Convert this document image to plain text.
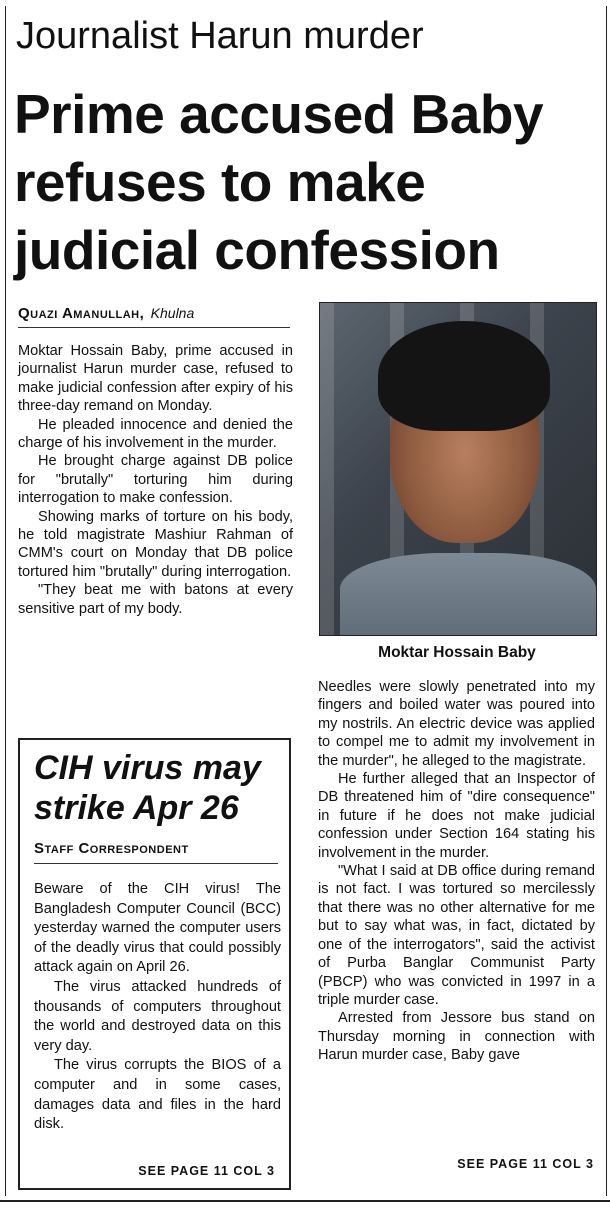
Journalist Harun murder
Prime accused Baby
refuses to make
judicial confession
Quazi Amanullah, Khulna

Moktar Hossain Baby, prime accused in journalist Harun murder case, refused to make judicial confession after expiry of his three-day remand on Monday.

He pleaded innocence and denied the charge of his involvement in the murder.

He brought charge against DB police for "brutally" torturing him during interrogation to make confession.

Showing marks of torture on his body, he told magistrate Mashiur Rahman of CMM's court on Monday that DB police tortured him "brutally" during interrogation.

"They beat me with batons at every sensitive part of my body.

Moktar Hossain Baby

Needles were slowly penetrated into my fingers and boiled water was poured into my nostrils. An electric device was applied to compel me to admit my involvement in the murder", he alleged to the magistrate.

He further alleged that an Inspector of DB threatened him of "dire consequence" in future if he does not make judicial confession under Section 164 stating his involvement in the murder.

"What I said at DB office during remand is not fact. I was tortured so mercilessly that there was no other alternative for me but to say what was, in fact, dictated by one of the interrogators", said the activist of Purba Banglar Communist Party (PBCP) who was convicted in 1997 in a triple murder case.

Arrested from Jessore bus stand on Thursday morning in connection with Harun murder case, Baby gave

SEE PAGE 11 COL 3
CIH virus may
strike Apr 26
Staff Correspondent

Beware of the CIH virus! The Bangladesh Computer Council (BCC) yesterday warned the computer users of the deadly virus that could possibly attack again on April 26.

The virus attacked hundreds of thousands of computers throughout the world and destroyed data on this very day.

The virus corrupts the BIOS of a computer and in some cases, damages data and files in the hard disk.

SEE PAGE 11 COL 3
